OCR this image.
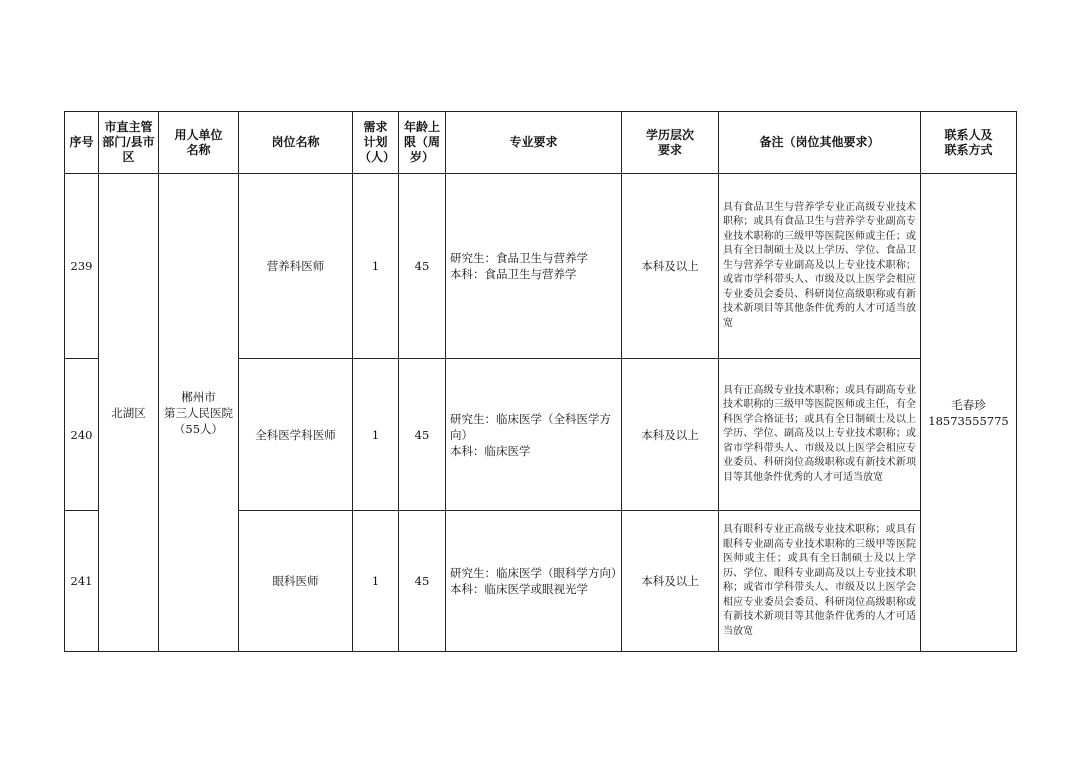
序号	市直主管部门/县市区	用人单位名称	岗位名称	需求计划（人）	年龄上限（周岁）	专业要求	学历层次要求	备注（岗位其他要求）	联系人及联系方式
239	北湖区	郴州市
第三人民医院
（55人）	营养科医师	1	45	研究生：食品卫生与营养学
本科：食品卫生与营养学	本科及以上	具有食品卫生与营养学专业正高级专业技术职称；或具有食品卫生与营养学专业副高专业技术职称的三级甲等医院医师或主任；或具有全日制硕士及以上学历、学位、食品卫生与营养学专业副高及以上专业技术职称；或省市学科带头人、市级及以上医学会相应专业委员会委员、科研岗位高级职称或有新技术新项目等其他条件优秀的人才可适当放宽	毛春珍
18573555775

240			全科医学科医师	1	45	研究生：临床医学（全科医学方向）
本科：临床医学	本科及以上	具有正高级专业技术职称；或具有副高专业技术职称的三级甲等医院医师或主任，有全科医学合格证书；或具有全日制硕士及以上学历、学位、副高及以上专业技术职称；或省市学科带头人、市级及以上医学会相应专业委员、科研岗位高级职称或有新技术新项目等其他条件优秀的人才可适当放宽	
241			眼科医师	1	45	研究生：临床医学（眼科学方向）
本科：临床医学或眼视光学	本科及以上	具有眼科专业正高级专业技术职称；或具有眼科专业副高专业技术职称的三级甲等医院医师或主任；或具有全日制硕士及以上学历、学位、眼科专业副高及以上专业技术职称；或省市学科带头人、市级及以上医学会相应专业委员会委员、科研岗位高级职称或有新技术新项目等其他条件优秀的人才可适当放宽	
